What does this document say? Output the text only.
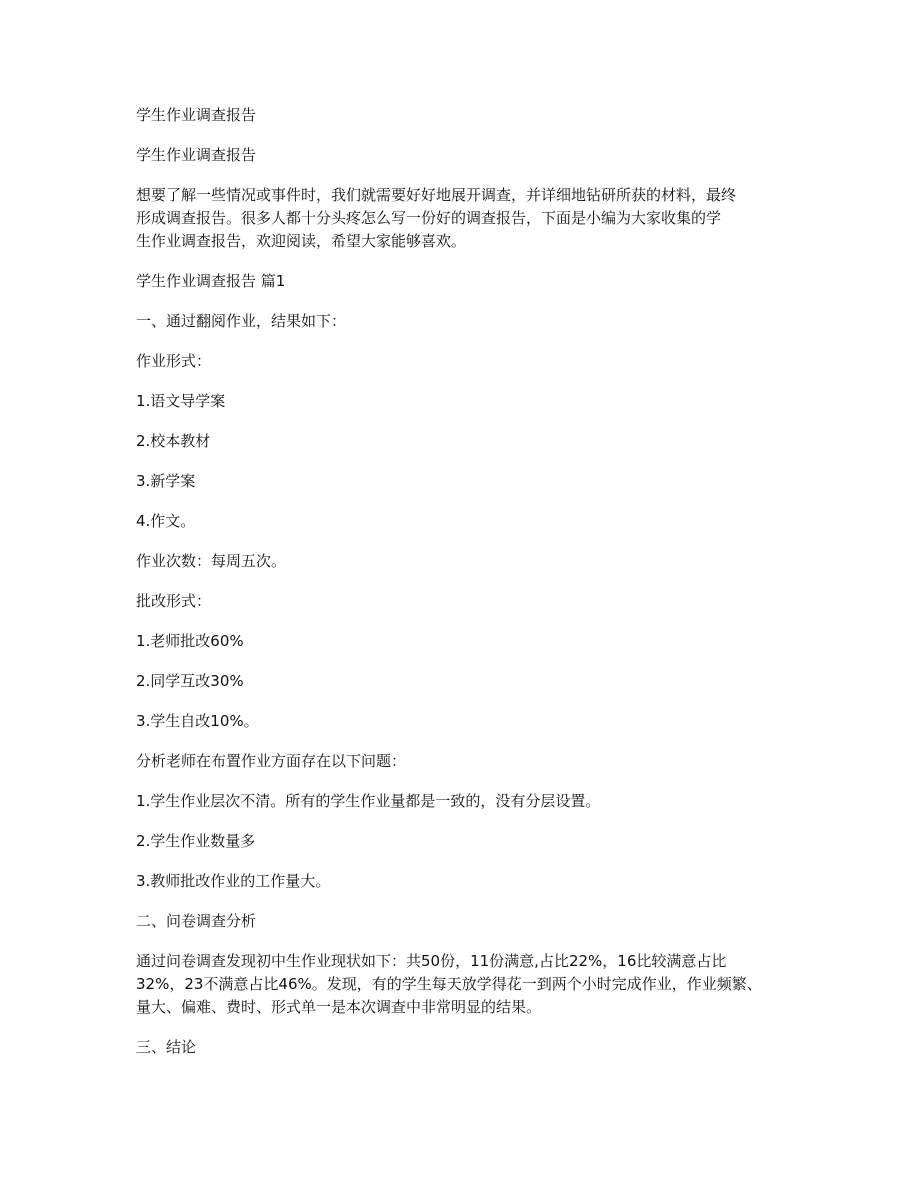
学生作业调查报告

学生作业调查报告

想要了解一些情况或事件时，我们就需要好好地展开调查，并详细地钻研所获的材料，最终
形成调查报告。很多人都十分头疼怎么写一份好的调查报告，下面是小编为大家收集的学
生作业调查报告，欢迎阅读，希望大家能够喜欢。

学生作业调查报告 篇1

一、通过翻阅作业，结果如下：

作业形式：

1.语文导学案

2.校本教材

3.新学案

4.作文。

作业次数：每周五次。

批改形式：

1.老师批改60%

2.同学互改30%

3.学生自改10%。

分析老师在布置作业方面存在以下问题：

1.学生作业层次不清。所有的学生作业量都是一致的，没有分层设置。

2.学生作业数量多

3.教师批改作业的工作量大。

二、问卷调查分析

通过问卷调查发现初中生作业现状如下：共50份，11份满意,占比22%，16比较满意占比
32%，23不满意占比46%。发现，有的学生每天放学得花一到两个小时完成作业，作业频繁、
量大、偏难、费时、形式单一是本次调查中非常明显的结果。

三、结论
